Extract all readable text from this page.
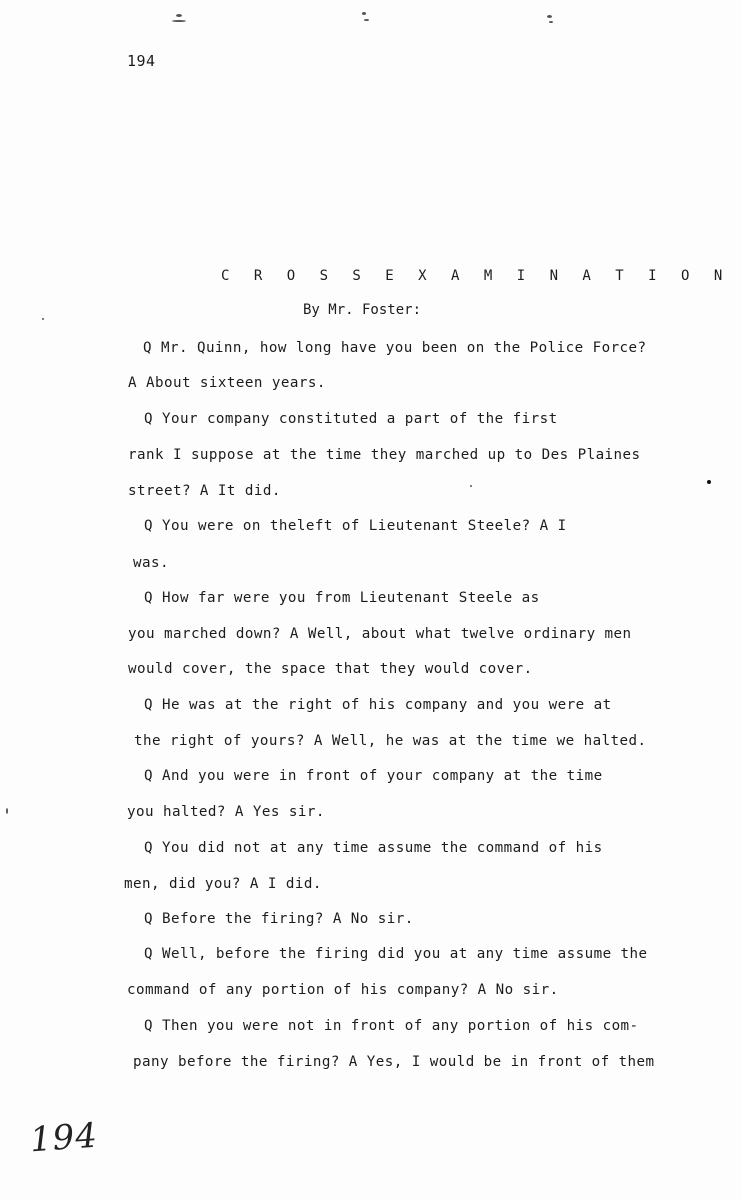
194
C R O S S E X A M I N A T I O N
By Mr. Foster:
Q Mr. Quinn, how long have you been on the Police Force?
A About sixteen years.
Q Your company constituted a part of the first
rank I suppose at the time they marched up to Des Plaines
street? A It did.
Q You were on theleft of Lieutenant Steele? A I
was.
Q How far were you from Lieutenant Steele as
you marched down? A Well, about what twelve ordinary men
would cover, the space that they would cover.
Q He was at the right of his company and you were at
the right of yours? A Well, he was at the time we halted.
Q And you were in front of your company at the time
you halted? A Yes sir.
Q You did not at any time assume the command of his
men, did you? A I did.
Q Before the firing? A No sir.
Q Well, before the firing did you at any time assume the
command of any portion of his company? A No sir.
Q Then you were not in front of any portion of his com-
pany before the firing? A Yes, I would be in front of them
194
